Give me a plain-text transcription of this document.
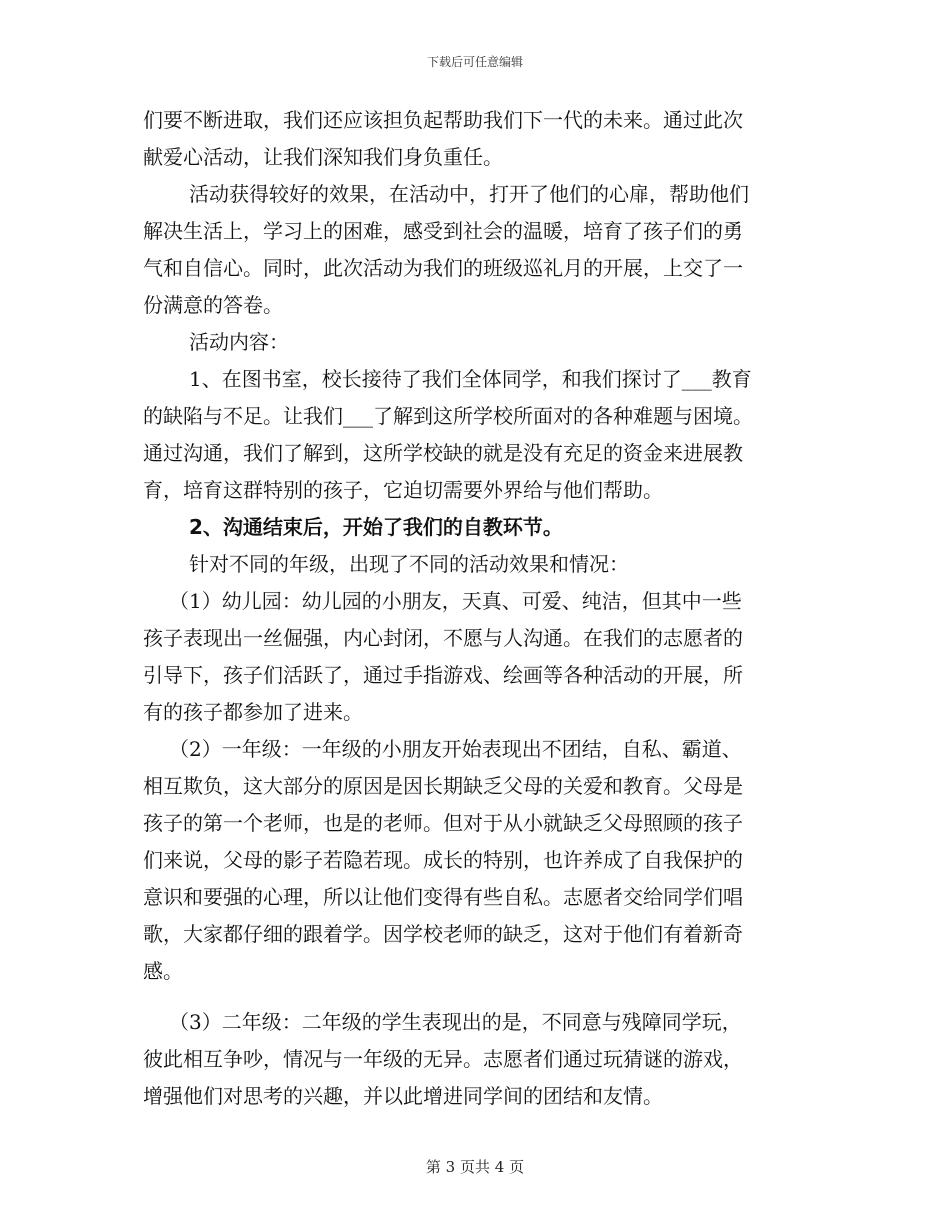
下载后可任意编辑
们要不断进取，我们还应该担负起帮助我们下一代的未来。通过此次
献爱心活动，让我们深知我们身负重任。
活动获得较好的效果，在活动中，打开了他们的心扉，帮助他们
解决生活上，学习上的困难，感受到社会的温暖，培育了孩子们的勇
气和自信心。同时，此次活动为我们的班级巡礼月的开展，上交了一
份满意的答卷。
活动内容：
1、在图书室，校长接待了我们全体同学，和我们探讨了___教育
的缺陷与不足。让我们___了解到这所学校所面对的各种难题与困境。
通过沟通，我们了解到，这所学校缺的就是没有充足的资金来进展教
育，培育这群特别的孩子，它迫切需要外界给与他们帮助。
2、沟通结束后，开始了我们的自教环节。
针对不同的年级，出现了不同的活动效果和情况：
（1）幼儿园：幼儿园的小朋友，天真、可爱、纯洁，但其中一些
孩子表现出一丝倔强，内心封闭，不愿与人沟通。在我们的志愿者的
引导下，孩子们活跃了，通过手指游戏、绘画等各种活动的开展，所
有的孩子都参加了进来。
（2）一年级：一年级的小朋友开始表现出不团结，自私、霸道、
相互欺负，这大部分的原因是因长期缺乏父母的关爱和教育。父母是
孩子的第一个老师，也是的老师。但对于从小就缺乏父母照顾的孩子
们来说，父母的影子若隐若现。成长的特别，也许养成了自我保护的
意识和要强的心理，所以让他们变得有些自私。志愿者交给同学们唱
歌，大家都仔细的跟着学。因学校老师的缺乏，这对于他们有着新奇
感。
（3）二年级：二年级的学生表现出的是，不同意与残障同学玩，
彼此相互争吵，情况与一年级的无异。志愿者们通过玩猜谜的游戏，
增强他们对思考的兴趣，并以此增进同学间的团结和友情。
第 3 页共 4 页
